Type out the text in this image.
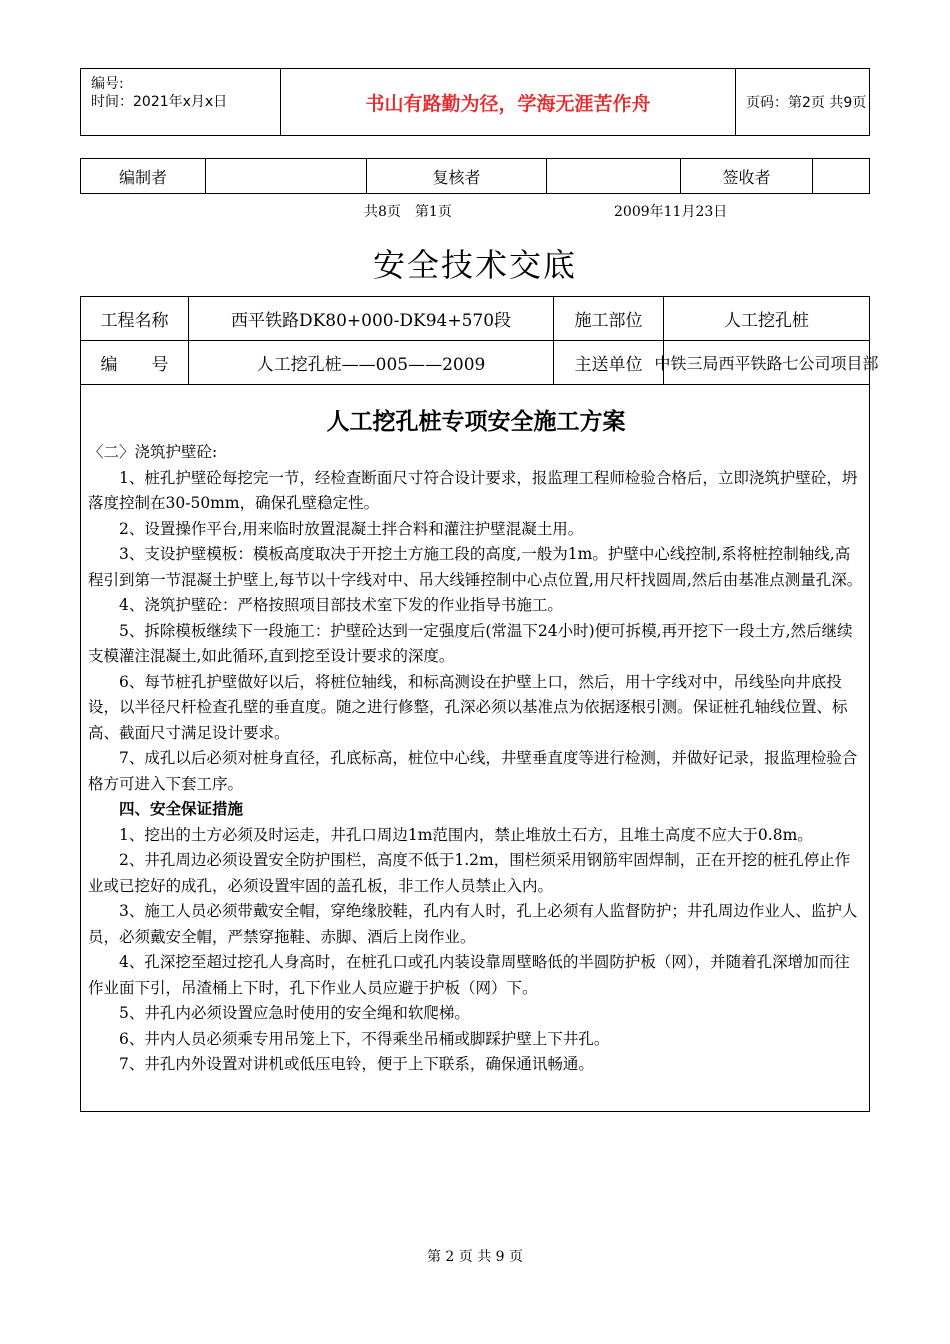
编号:
时间：2021年x月x日	书山有路勤为径，学海无涯苦作舟	页码：第2页 共9页
编制者	复核者	签收者
共8页　第1页	2009年11月23日
安全技术交底
工程名称	西平铁路DK80+000-DK94+570段	施工部位	人工挖孔桩
编　　号	人工挖孔桩——005——2009	主送单位 中铁三局西平铁路七公司项目部
人工挖孔桩专项安全施工方案

〈二〉浇筑护壁砼:

　　1、桩孔护壁砼每挖完一节，经检查断面尺寸符合设计要求，报监理工程师检验合格后，立即浇筑护壁砼，坍落度控制在30-50mm，确保孔壁稳定性。

　　2、设置操作平台,用来临时放置混凝土拌合料和灌注护壁混凝土用。

　　3、支设护壁模板：模板高度取决于开挖土方施工段的高度,一般为1m。护壁中心线控制,系将桩控制轴线,高程引到第一节混凝土护壁上,每节以十字线对中、吊大线锤控制中心点位置,用尺杆找圆周,然后由基准点测量孔深。

　　4、浇筑护壁砼：严格按照项目部技术室下发的作业指导书施工。

　　5、拆除模板继续下一段施工：护壁砼达到一定强度后(常温下24小时)便可拆模,再开挖下一段土方,然后继续支模灌注混凝土,如此循环,直到挖至设计要求的深度。

　　6、每节桩孔护壁做好以后，将桩位轴线，和标高测设在护壁上口，然后，用十字线对中，吊线坠向井底投设，以半径尺杆检查孔壁的垂直度。随之进行修整，孔深必须以基准点为依据逐根引测。保证桩孔轴线位置、标高、截面尺寸满足设计要求。

　　7、成孔以后必须对桩身直径，孔底标高，桩位中心线，井壁垂直度等进行检测，并做好记录，报监理检验合格方可进入下套工序。

　　四、安全保证措施

　　1、挖出的土方必须及时运走，井孔口周边1m范围内，禁止堆放土石方，且堆土高度不应大于0.8m。

　　2、井孔周边必须设置安全防护围栏，高度不低于1.2m，围栏须采用钢筋牢固焊制，正在开挖的桩孔停止作业或已挖好的成孔，必须设置牢固的盖孔板，非工作人员禁止入内。

　　3、施工人员必须带戴安全帽，穿绝缘胶鞋，孔内有人时，孔上必须有人监督防护；井孔周边作业人、监护人员，必须戴安全帽，严禁穿拖鞋、赤脚、酒后上岗作业。

　　4、孔深挖至超过挖孔人身高时，在桩孔口或孔内装设靠周壁略低的半圆防护板（网），并随着孔深增加而往作业面下引，吊渣桶上下时，孔下作业人员应避于护板（网）下。

　　5、井孔内必须设置应急时使用的安全绳和软爬梯。

　　6、井内人员必须乘专用吊笼上下，不得乘坐吊桶或脚踩护壁上下井孔。

　　7、井孔内外设置对讲机或低压电铃，便于上下联系，确保通讯畅通。

第 2 页 共 9 页
